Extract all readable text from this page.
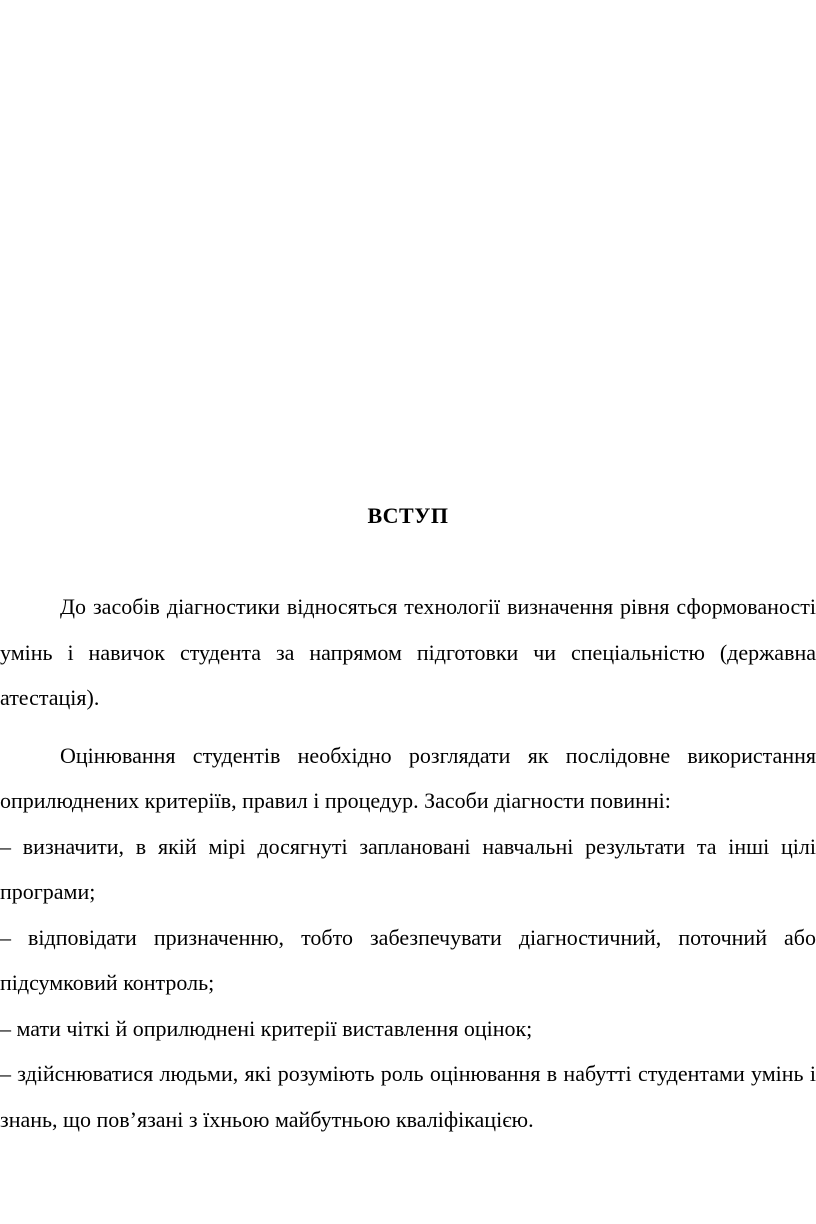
ВСТУП

До засобів діагностики відносяться технології визначення рівня сформованості умінь і навичок студента за напрямом підготовки чи спеціальністю (державна атестація).

Оцінювання студентів необхідно розглядати як послідовне використання оприлюднених критеріїв, правил і процедур. Засоби діагности повинні:

– визначити, в якій мірі досягнуті заплановані навчальні результати та інші цілі програми;

– відповідати призначенню, тобто забезпечувати діагностичний, поточний або підсумковий контроль;

– мати чіткі й оприлюднені критерії виставлення оцінок;

– здійснюватися людьми, які розуміють роль оцінювання в набутті студентами умінь і знань, що пов’язані з їхньою майбутньою кваліфікацією.
